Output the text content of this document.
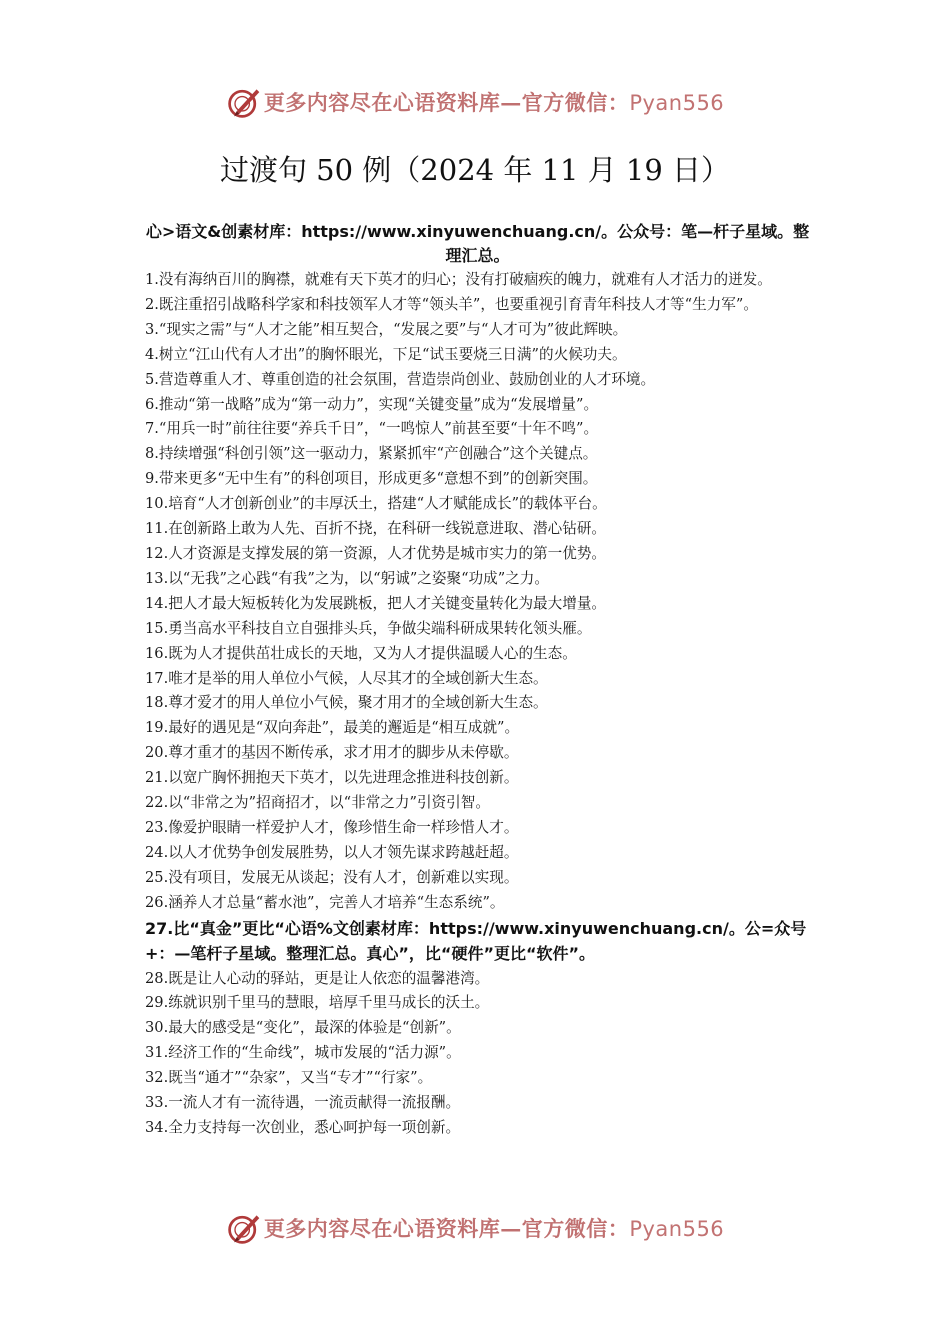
更多内容尽在心语资料库—官方微信：Pyan556
过渡句 50 例（2024 年 11 月 19 日）
心>语文&创素材库：https://www.xinyuwenchuang.cn/。公众号：笔—杆子星域。整理汇总。

1.没有海纳百川的胸襟，就难有天下英才的归心；没有打破痼疾的魄力，就难有人才活力的迸发。

2.既注重招引战略科学家和科技领军人才等“领头羊”，也要重视引育青年科技人才等“生力军”。

3.“现实之需”与“人才之能”相互契合，“发展之要”与“人才可为”彼此辉映。

4.树立“江山代有人才出”的胸怀眼光，下足“试玉要烧三日满”的火候功夫。

5.营造尊重人才、尊重创造的社会氛围，营造崇尚创业、鼓励创业的人才环境。

6.推动“第一战略”成为“第一动力”，实现“关键变量”成为“发展增量”。

7.“用兵一时”前往往要“养兵千日”，“一鸣惊人”前甚至要“十年不鸣”。

8.持续增强“科创引领”这一驱动力，紧紧抓牢“产创融合”这个关键点。

9.带来更多“无中生有”的科创项目，形成更多“意想不到”的创新突围。

10.培育“人才创新创业”的丰厚沃土，搭建“人才赋能成长”的载体平台。

11.在创新路上敢为人先、百折不挠，在科研一线锐意进取、潜心钻研。

12.人才资源是支撑发展的第一资源，人才优势是城市实力的第一优势。

13.以“无我”之心践“有我”之为，以“躬诚”之姿聚“功成”之力。

14.把人才最大短板转化为发展跳板，把人才关键变量转化为最大增量。

15.勇当高水平科技自立自强排头兵，争做尖端科研成果转化领头雁。

16.既为人才提供茁壮成长的天地，又为人才提供温暖人心的生态。

17.唯才是举的用人单位小气候，人尽其才的全域创新大生态。

18.尊才爱才的用人单位小气候，聚才用才的全域创新大生态。

19.最好的遇见是“双向奔赴”，最美的邂逅是“相互成就”。

20.尊才重才的基因不断传承，求才用才的脚步从未停歇。

21.以宽广胸怀拥抱天下英才，以先进理念推进科技创新。

22.以“非常之为”招商招才，以“非常之力”引资引智。

23.像爱护眼睛一样爱护人才，像珍惜生命一样珍惜人才。

24.以人才优势争创发展胜势，以人才领先谋求跨越赶超。

25.没有项目，发展无从谈起；没有人才，创新难以实现。

26.涵养人才总量“蓄水池”，完善人才培养“生态系统”。

27.比“真金”更比“心语%文创素材库：https://www.xinyuwenchuang.cn/。公=众号+：—笔杆子星域。整理汇总。真心”，比“硬件”更比“软件”。

28.既是让人心动的驿站，更是让人依恋的温馨港湾。

29.练就识别千里马的慧眼，培厚千里马成长的沃土。

30.最大的感受是“变化”，最深的体验是“创新”。

31.经济工作的“生命线”，城市发展的“活力源”。

32.既当“通才”“杂家”，又当“专才”“行家”。

33.一流人才有一流待遇，一流贡献得一流报酬。

34.全力支持每一次创业，悉心呵护每一项创新。

更多内容尽在心语资料库—官方微信：Pyan556
